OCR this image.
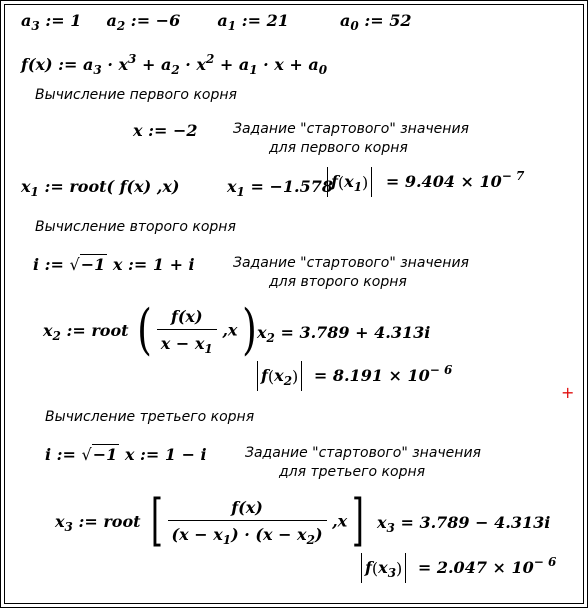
$a_3$ := 1 $a_2$ := −6 $a_1$ := 21	$a_0$ := 52
f(x) := $a_3 \cdot x^3 + a_2 \cdot x^2 + a_1 \cdot x + a_0$
Вычисление первого корня
x := −2	Задание "стартового" значения
для первого корня
$x_1$ := root( f(x) ,x)	$x_1 = -1.578$
$f(x_1) = 9.404 \times 10^{- 7}$
Вычисление второго корня
i := √−1 x := 1 + i	Задание "стартового" значения
для второго корня
$x_2$ := root ( $\frac{f(x)}{x - x_1} ,x$ ) $x_2 = 3.789 + 4.313i$
$f(x_2) = 8.191 \times 10^{- 6}$
+
Вычисление третьего корня
i := √−1 x := 1 − i	Задание "стартового" значения
для третьего корня
$x_3$ := root [ $\frac{f(x)}{(x - x_1) \cdot (x - x_2)} ,x$ ] $x_3 = 3.789 - 4.313i$
$f(x_3) = 2.047 \times 10^{- 6}$
